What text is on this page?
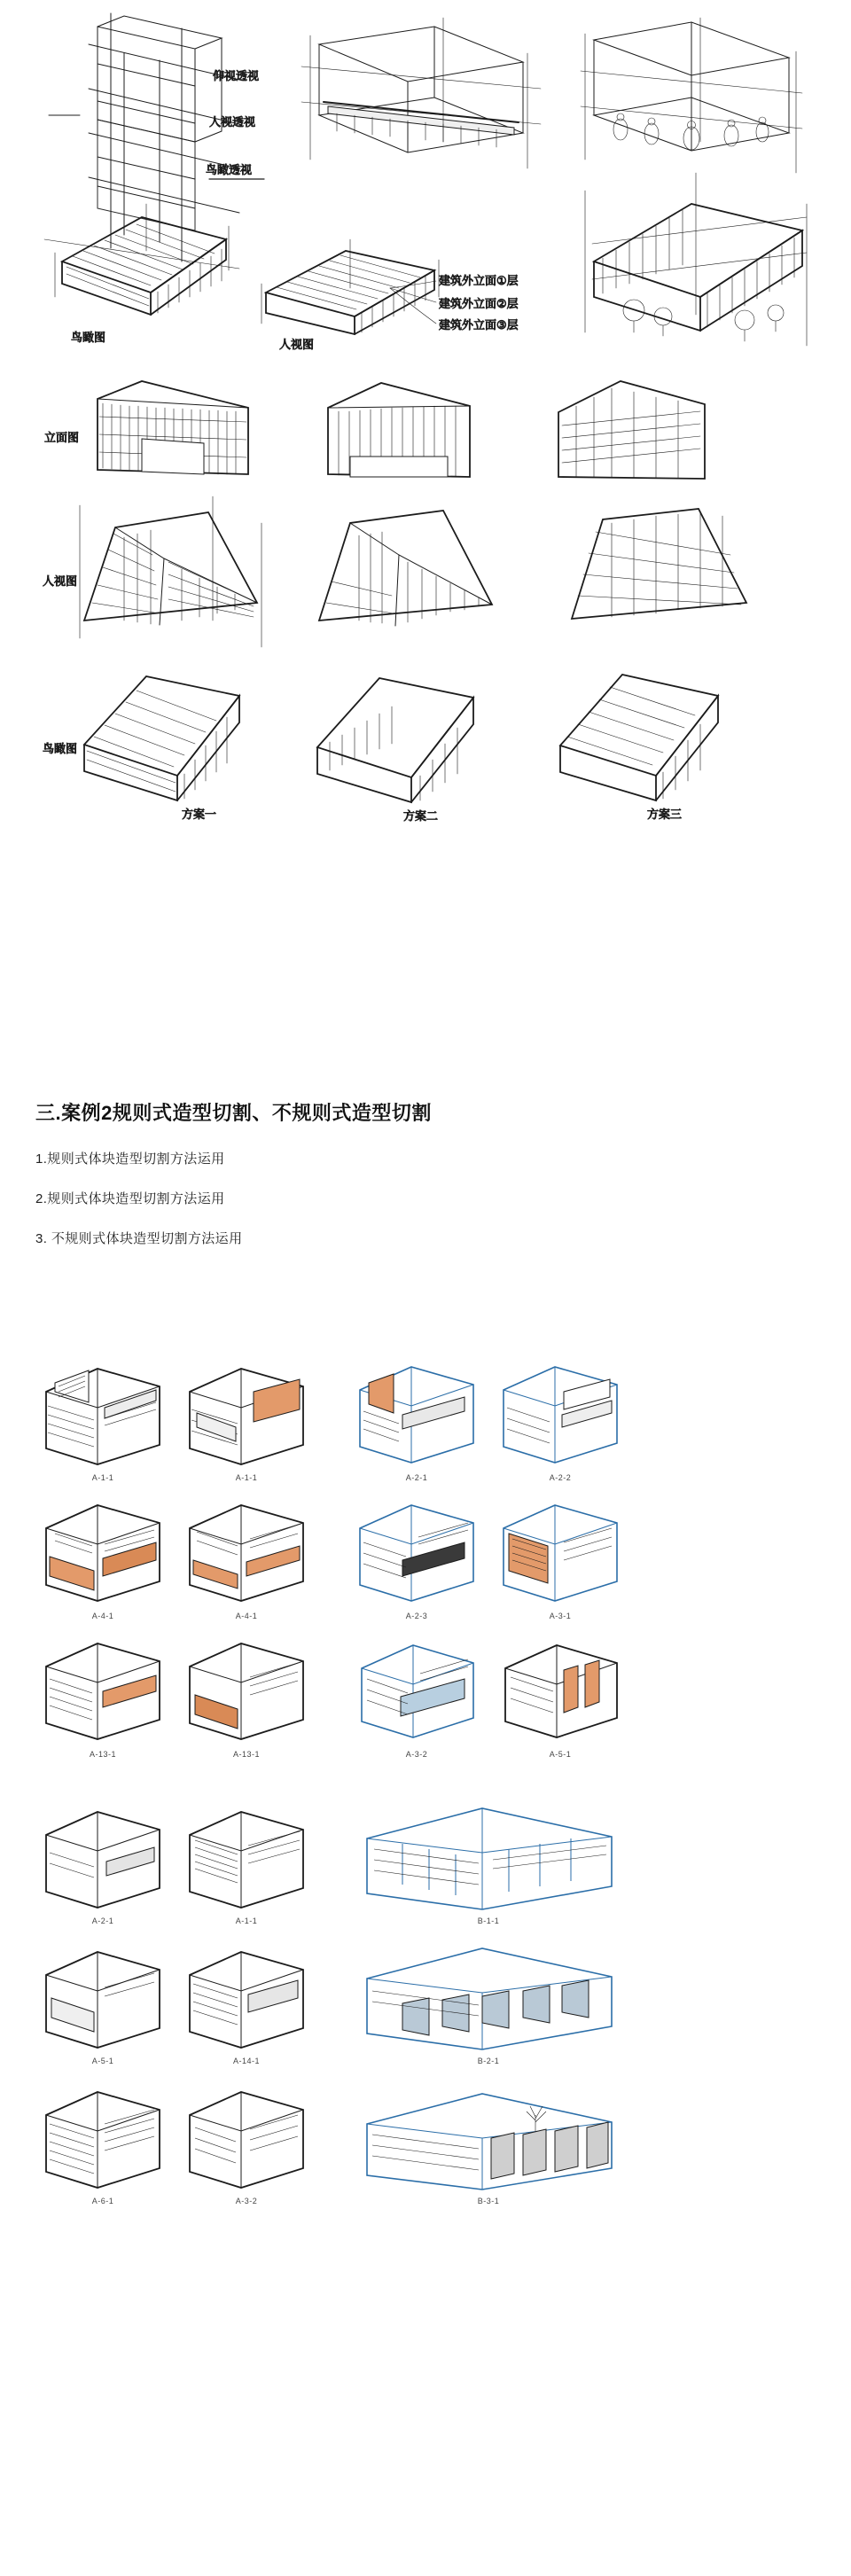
仰视透视
人视透视
鸟瞰透视
鸟瞰图
人视图
建筑外立面①层
建筑外立面②层
建筑外立面③层
立面图
人视图
鸟瞰图
方案一	方案二	方案三
三.案例2规则式造型切割、不规则式造型切割
1.规则式体块造型切割方法运用
2.规则式体块造型切割方法运用
3. 不规则式体块造型切割方法运用
A-1-1	A-1-1	A-2-1	A-2-2
A-4-1	A-4-1	A-2-3	A-3-1
A-13-1	A-13-1	A-3-2	A-5-1
A-2-1	A-1-1	B-1-1
A-5-1	A-14-1	B-2-1
A-6-1	A-3-2	B-3-1
